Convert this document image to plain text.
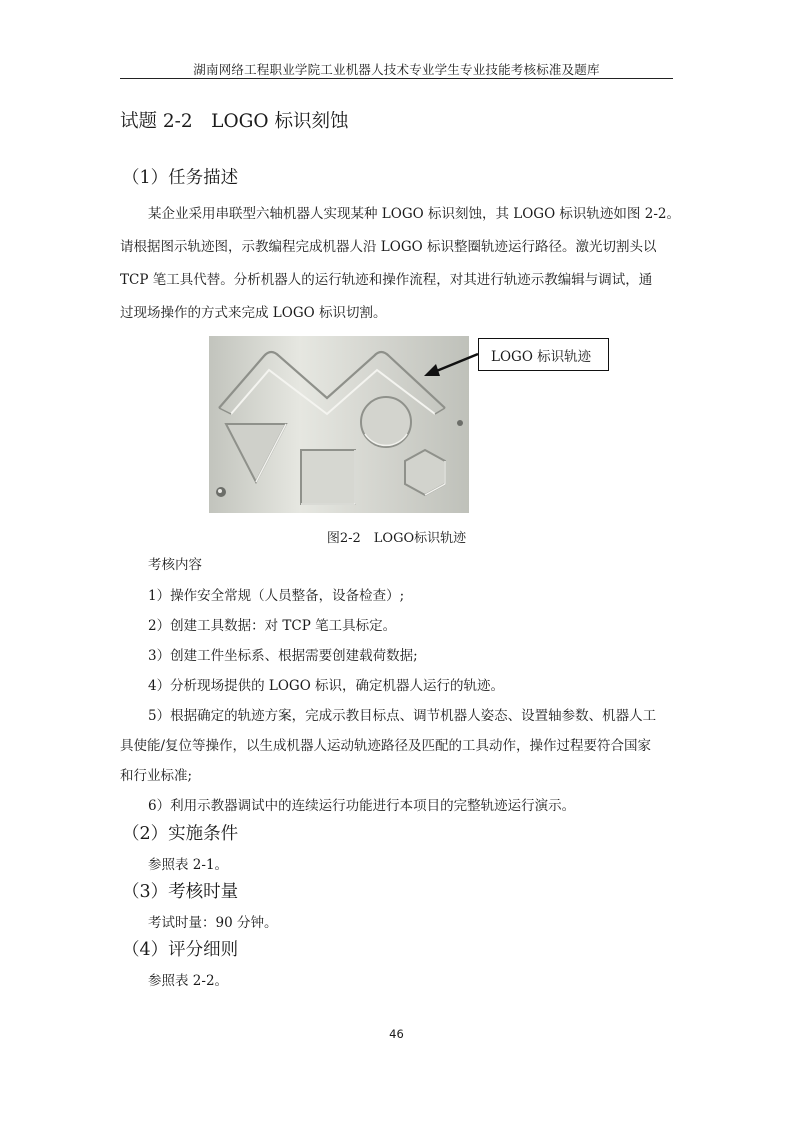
湖南网络工程职业学院工业机器人技术专业学生专业技能考核标准及题库
试题 2-2　LOGO 标识刻蚀
（1）任务描述
某企业采用串联型六轴机器人实现某种 LOGO 标识刻蚀，其 LOGO 标识轨迹如图 2-2。
请根据图示轨迹图，示教编程完成机器人沿 LOGO 标识整圈轨迹运行路径。激光切割头以
TCP 笔工具代替。分析机器人的运行轨迹和操作流程，对其进行轨迹示教编辑与调试，通
过现场操作的方式来完成 LOGO 标识切割。
LOGO 标识轨迹
图2-2　LOGO标识轨迹
考核内容
1）操作安全常规（人员整备，设备检查）;
2）创建工具数据：对 TCP 笔工具标定。
3）创建工件坐标系、根据需要创建载荷数据;
4）分析现场提供的 LOGO 标识，确定机器人运行的轨迹。
5）根据确定的轨迹方案，完成示教目标点、调节机器人姿态、设置轴参数、机器人工
具使能/复位等操作，以生成机器人运动轨迹路径及匹配的工具动作，操作过程要符合国家
和行业标准;
6）利用示教器调试中的连续运行功能进行本项目的完整轨迹运行演示。
（2）实施条件
参照表 2-1。
（3）考核时量
考试时量：90 分钟。
（4）评分细则
参照表 2-2。
46
